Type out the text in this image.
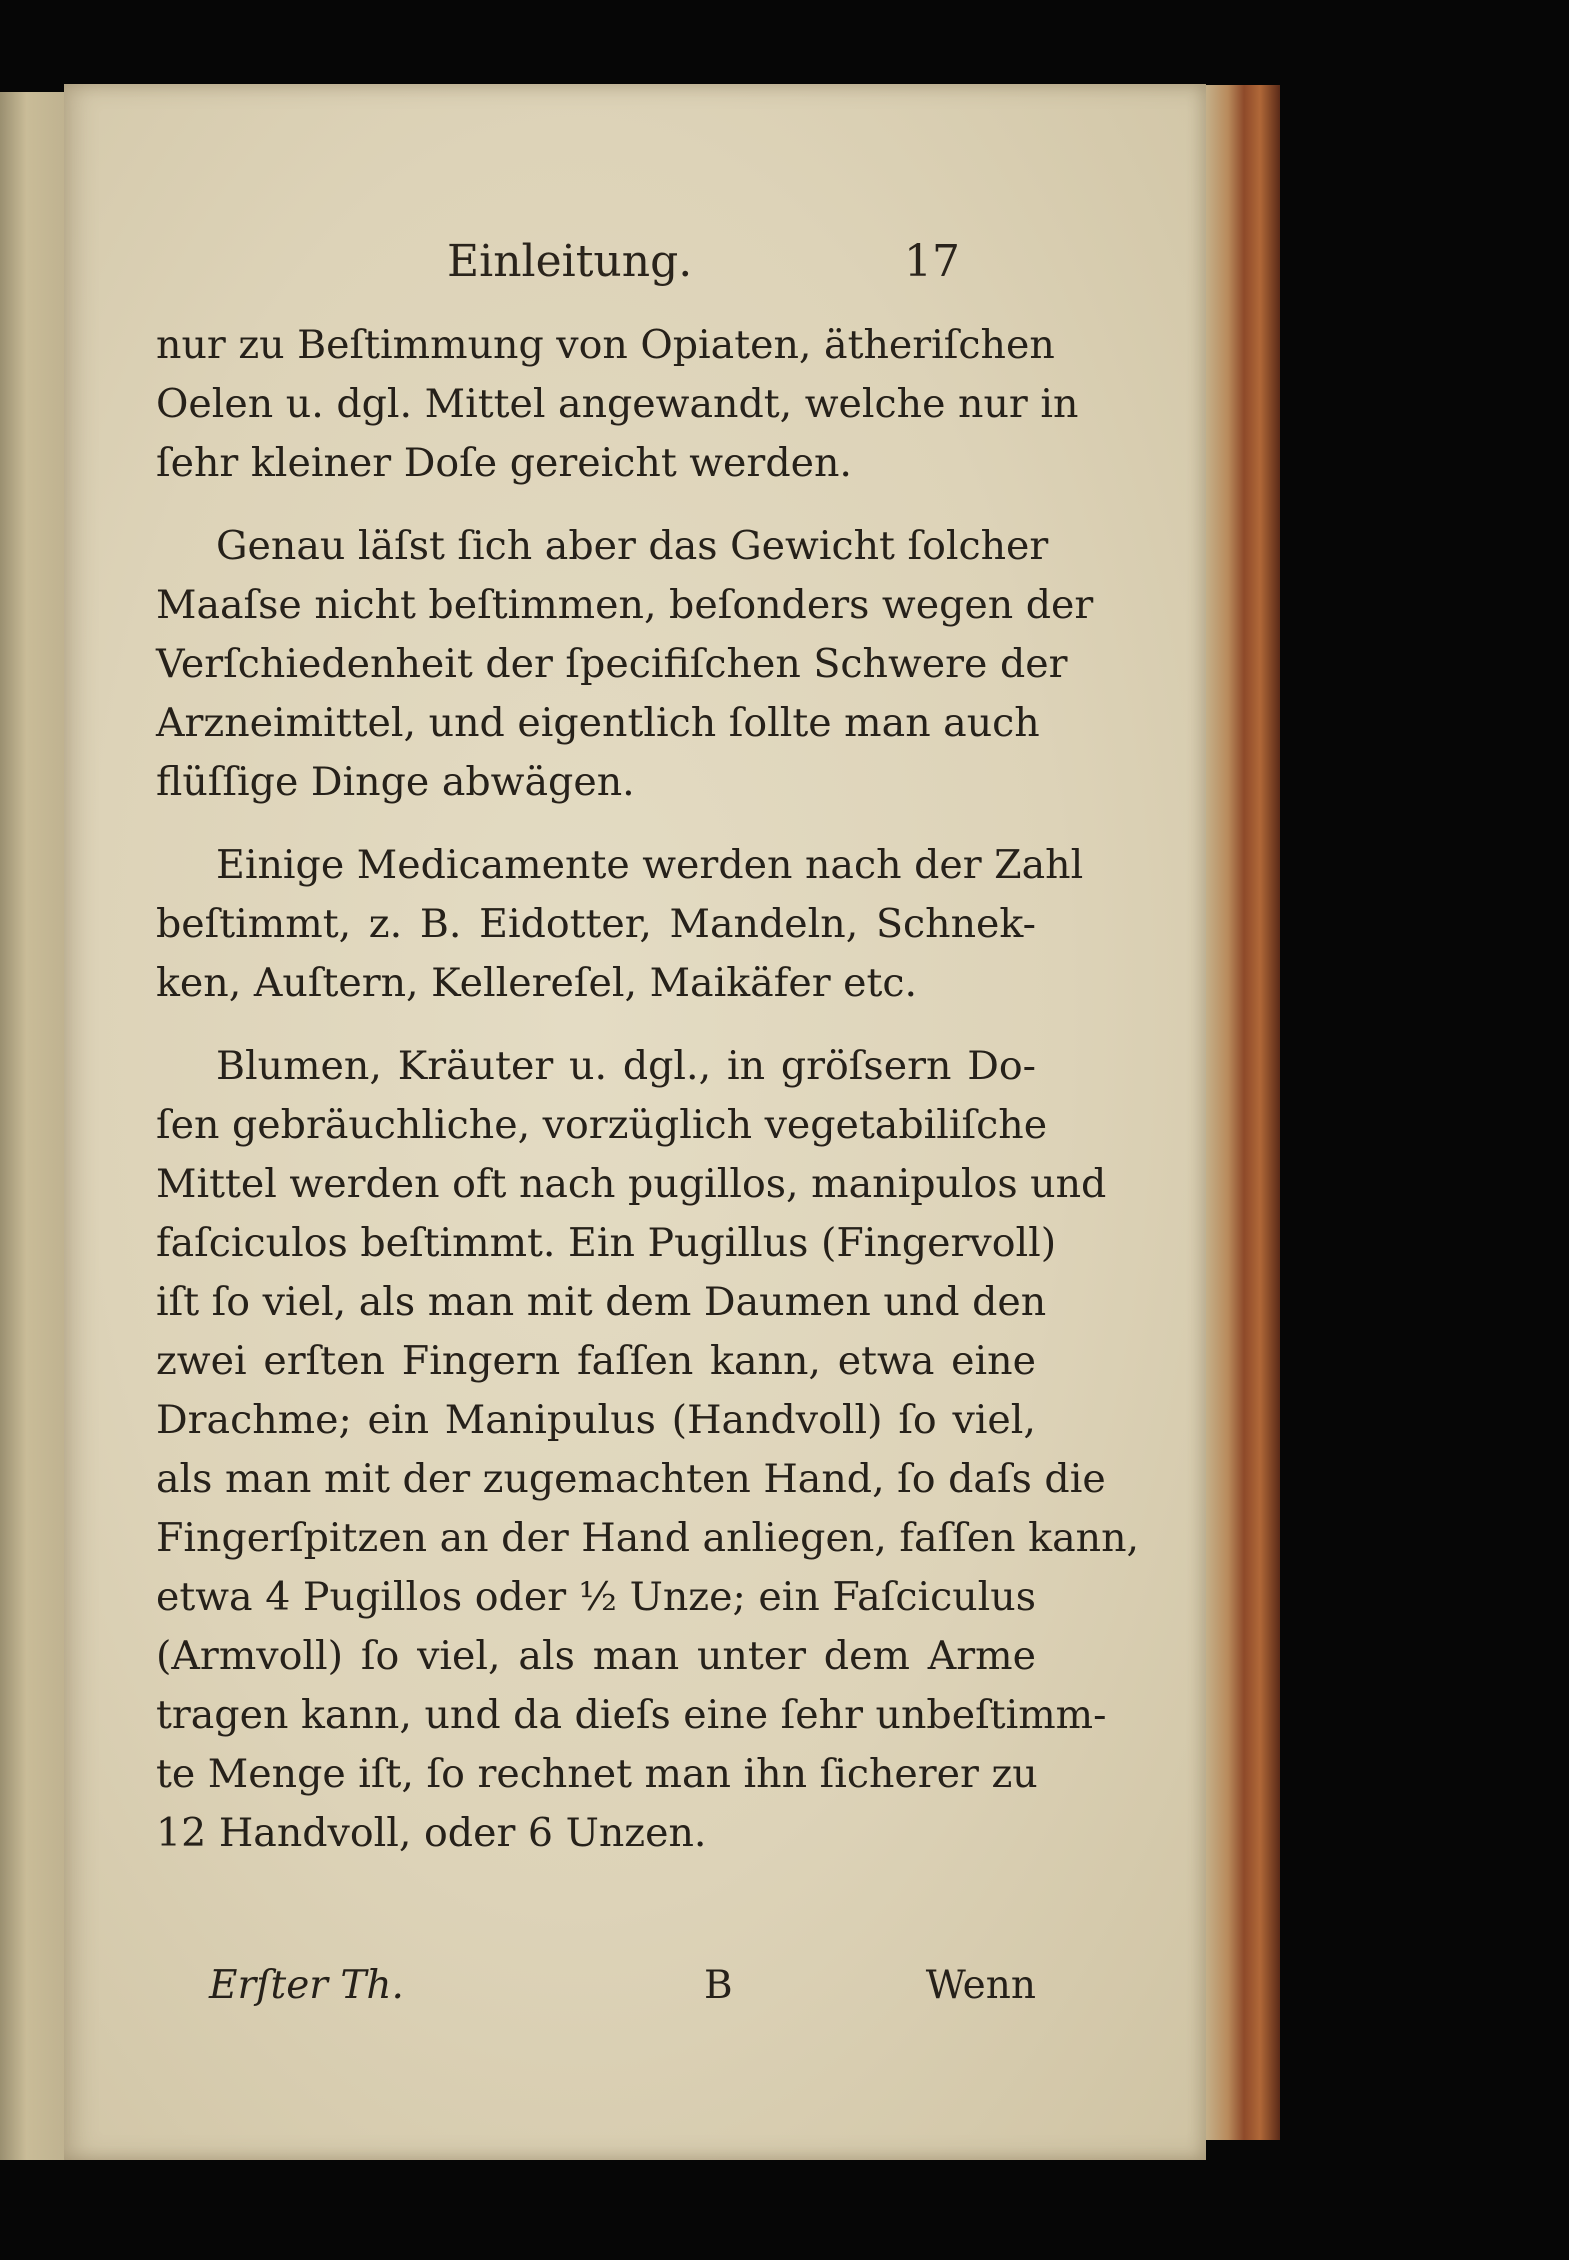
Einleitung.	17
nur zu Beſtimmung von Opiaten, ätheriſchen
Oelen u. dgl. Mittel angewandt, welche nur in
ſehr kleiner Doſe gereicht werden.
Genau läſst ſich aber das Gewicht ſolcher
Maaſse nicht beſtimmen, beſonders wegen der
Verſchiedenheit der ſpecifiſchen Schwere der
Arzneimittel, und eigentlich ſollte man auch
flüſſige Dinge abwägen.
Einige Medicamente werden nach der Zahl
beſtimmt, z. B. Eidotter, Mandeln, Schnek-
ken, Auſtern, Kellereſel, Maikäfer etc.
Blumen, Kräuter u. dgl., in gröſsern Do-
ſen gebräuchliche, vorzüglich vegetabiliſche
Mittel werden oft nach pugillos, manipulos und
faſciculos beſtimmt. Ein Pugillus (Fingervoll)
iſt ſo viel, als man mit dem Daumen und den
zwei erſten Fingern faſſen kann, etwa eine
Drachme; ein Manipulus (Handvoll) ſo viel,
als man mit der zugemachten Hand, ſo daſs die
Fingerſpitzen an der Hand anliegen, faſſen kann,
etwa 4 Pugillos oder ½ Unze; ein Faſciculus
(Armvoll) ſo viel, als man unter dem Arme
tragen kann, und da dieſs eine ſehr unbeſtimm-
te Menge iſt, ſo rechnet man ihn ſicherer zu
12 Handvoll, oder 6 Unzen.
Erſter Th.	B	Wenn
